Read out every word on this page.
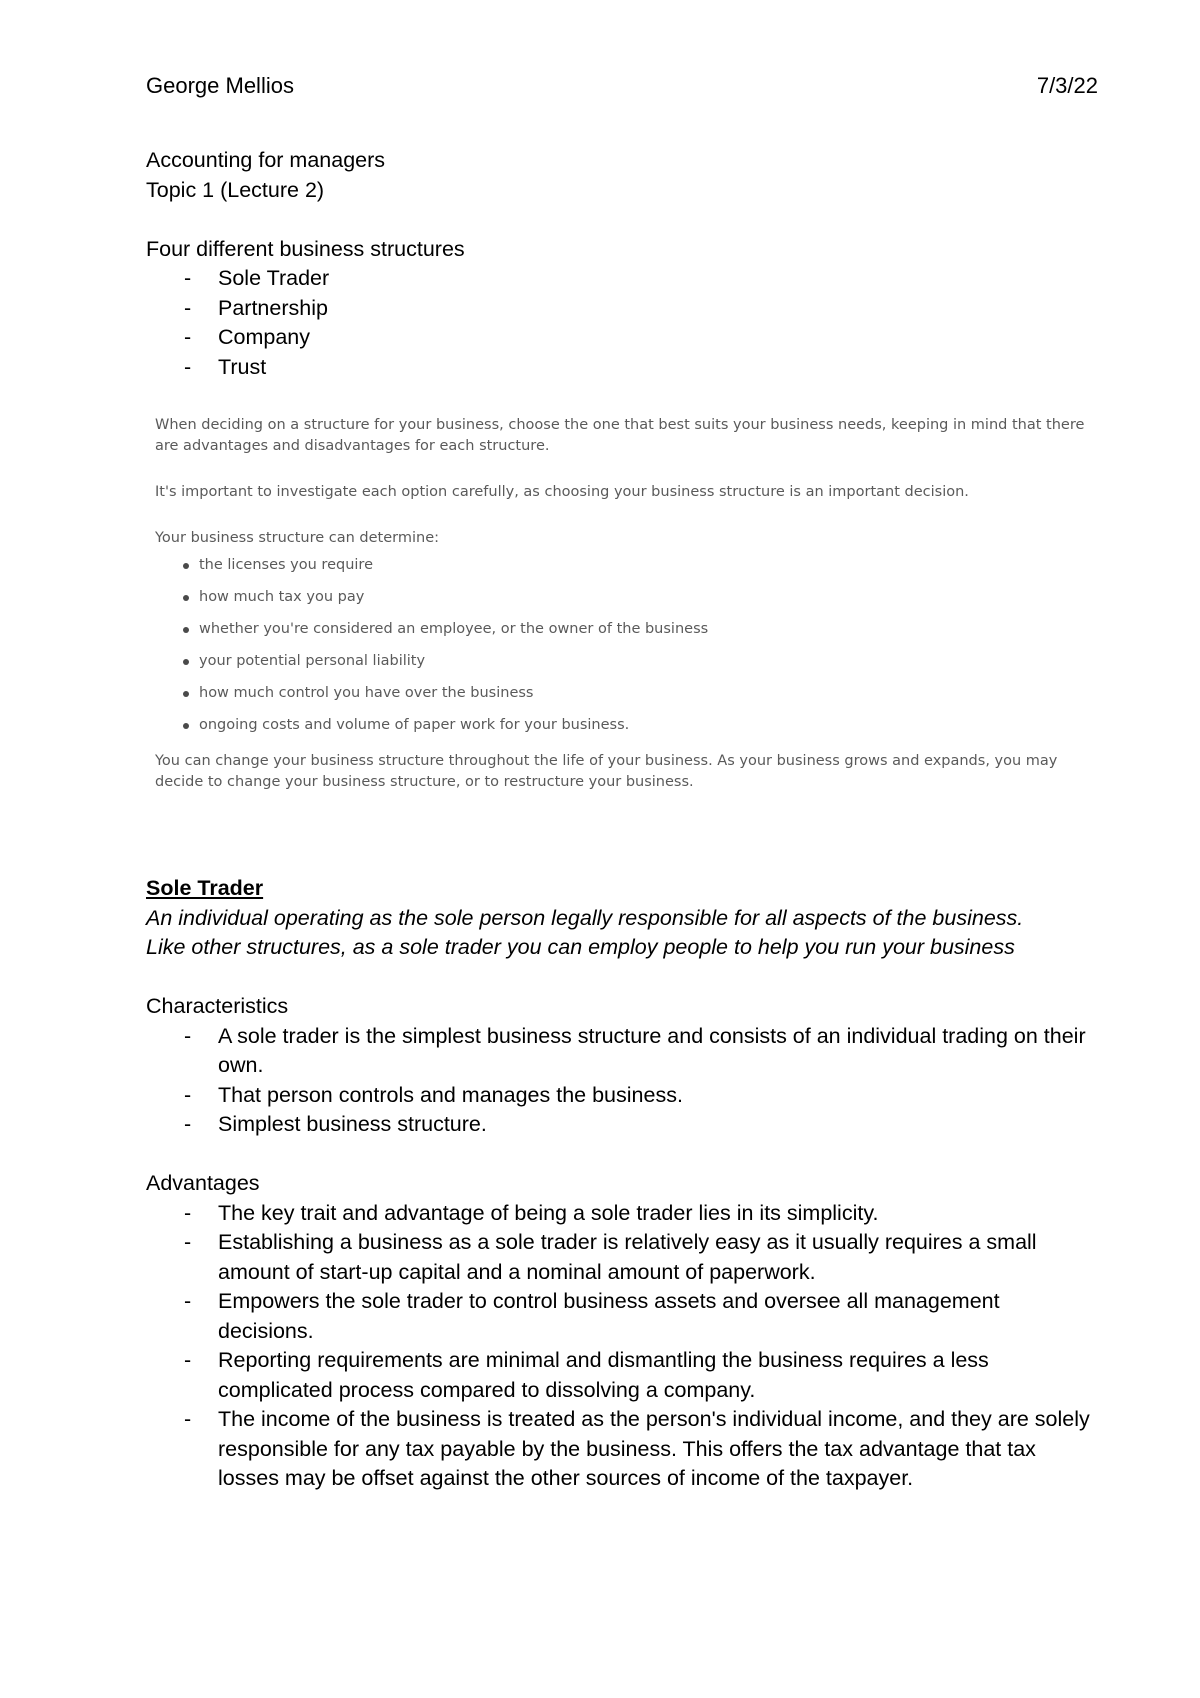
George Mellios	7/3/22
Accounting for managers
Topic 1 (Lecture 2)
Four different business structures
- Sole Trader
- Partnership
- Company
- Trust

When deciding on a structure for your business, choose the one that best suits your business needs, keeping in mind that there are advantages and disadvantages for each structure.

It's important to investigate each option carefully, as choosing your business structure is an important decision.

Your business structure can determine:

the licenses you require
how much tax you pay
whether you're considered an employee, or the owner of the business
your potential personal liability
how much control you have over the business
ongoing costs and volume of paper work for your business.

You can change your business structure throughout the life of your business. As your business grows and expands, you may decide to change your business structure, or to restructure your business.

Sole Trader
An individual operating as the sole person legally responsible for all aspects of the business.
Like other structures, as a sole trader you can employ people to help you run your business
Characteristics
- A sole trader is the simplest business structure and consists of an individual trading on their own.
- That person controls and manages the business.
- Simplest business structure.
Advantages
- The key trait and advantage of being a sole trader lies in its simplicity.
- Establishing a business as a sole trader is relatively easy as it usually requires a small amount of start-up capital and a nominal amount of paperwork.
- Empowers the sole trader to control business assets and oversee all management decisions.
- Reporting requirements are minimal and dismantling the business requires a less complicated process compared to dissolving a company.
- The income of the business is treated as the person's individual income, and they are solely responsible for any tax payable by the business. This offers the tax advantage that tax losses may be offset against the other sources of income of the taxpayer.
